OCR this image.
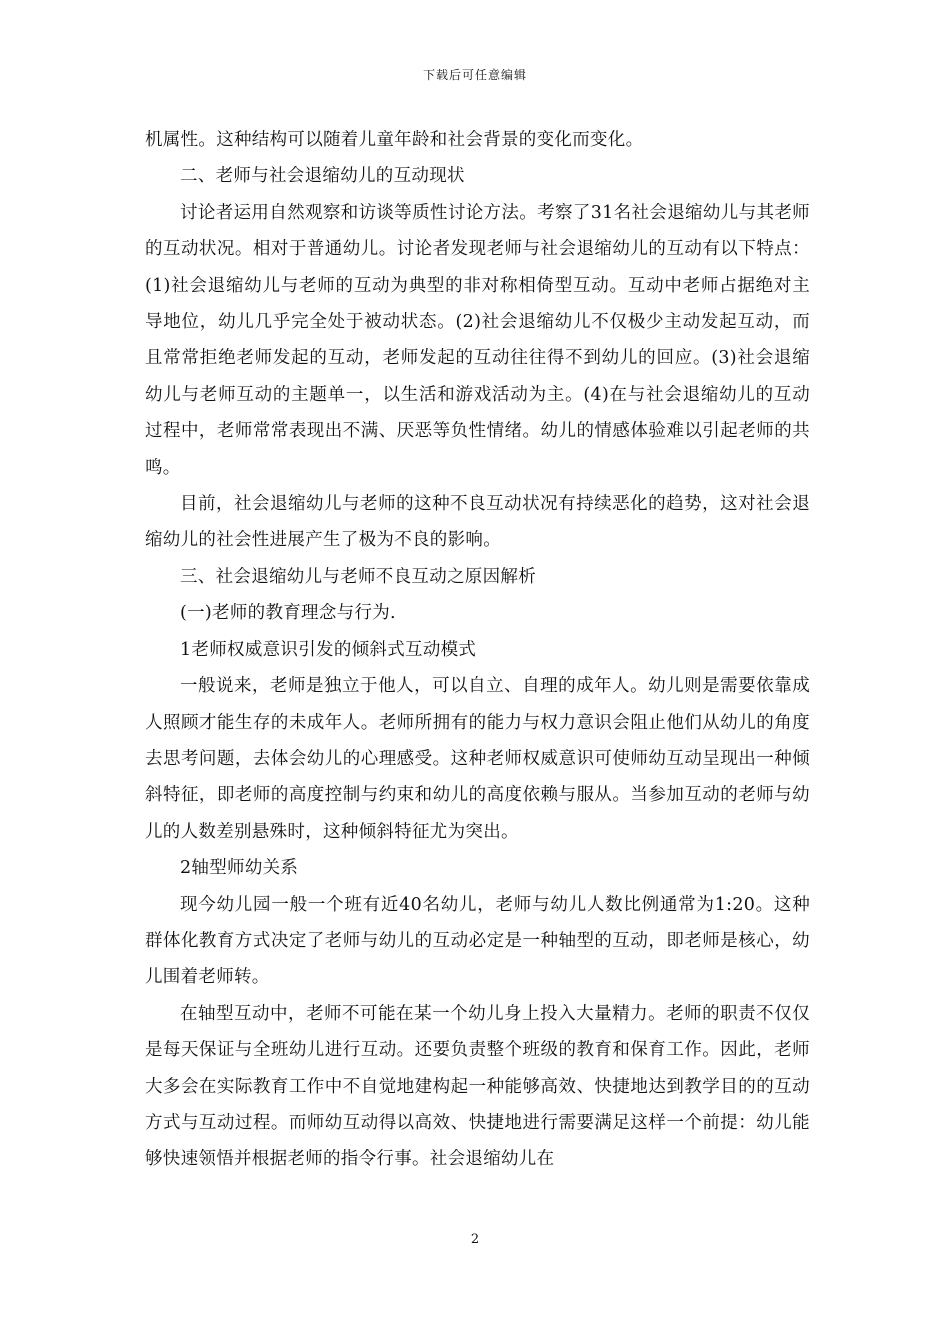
下载后可任意编辑

机属性。这种结构可以随着儿童年龄和社会背景的变化而变化。

二、老师与社会退缩幼儿的互动现状

讨论者运用自然观察和访谈等质性讨论方法。考察了31名社会退缩幼儿与其老师的互动状况。相对于普通幼儿。讨论者发现老师与社会退缩幼儿的互动有以下特点：(1)社会退缩幼儿与老师的互动为典型的非对称相倚型互动。互动中老师占据绝对主导地位，幼儿几乎完全处于被动状态。(2)社会退缩幼儿不仅极少主动发起互动，而且常常拒绝老师发起的互动，老师发起的互动往往得不到幼儿的回应。(3)社会退缩幼儿与老师互动的主题单一，以生活和游戏活动为主。(4)在与社会退缩幼儿的互动过程中，老师常常表现出不满、厌恶等负性情绪。幼儿的情感体验难以引起老师的共鸣。

目前，社会退缩幼儿与老师的这种不良互动状况有持续恶化的趋势，这对社会退缩幼儿的社会性进展产生了极为不良的影响。

三、社会退缩幼儿与老师不良互动之原因解析

(一)老师的教育理念与行为.

1老师权威意识引发的倾斜式互动模式

一般说来，老师是独立于他人，可以自立、自理的成年人。幼儿则是需要依靠成人照顾才能生存的未成年人。老师所拥有的能力与权力意识会阻止他们从幼儿的角度去思考问题，去体会幼儿的心理感受。这种老师权威意识可使师幼互动呈现出一种倾斜特征，即老师的高度控制与约束和幼儿的高度依赖与服从。当参加互动的老师与幼儿的人数差别悬殊时，这种倾斜特征尤为突出。

2轴型师幼关系

现今幼儿园一般一个班有近40名幼儿，老师与幼儿人数比例通常为1:20。这种群体化教育方式决定了老师与幼儿的互动必定是一种轴型的互动，即老师是核心，幼儿围着老师转。

在轴型互动中，老师不可能在某一个幼儿身上投入大量精力。老师的职责不仅仅是每天保证与全班幼儿进行互动。还要负责整个班级的教育和保育工作。因此，老师大多会在实际教育工作中不自觉地建构起一种能够高效、快捷地达到教学目的的互动方式与互动过程。而师幼互动得以高效、快捷地进行需要满足这样一个前提：幼儿能够快速领悟并根据老师的指令行事。社会退缩幼儿在

2
